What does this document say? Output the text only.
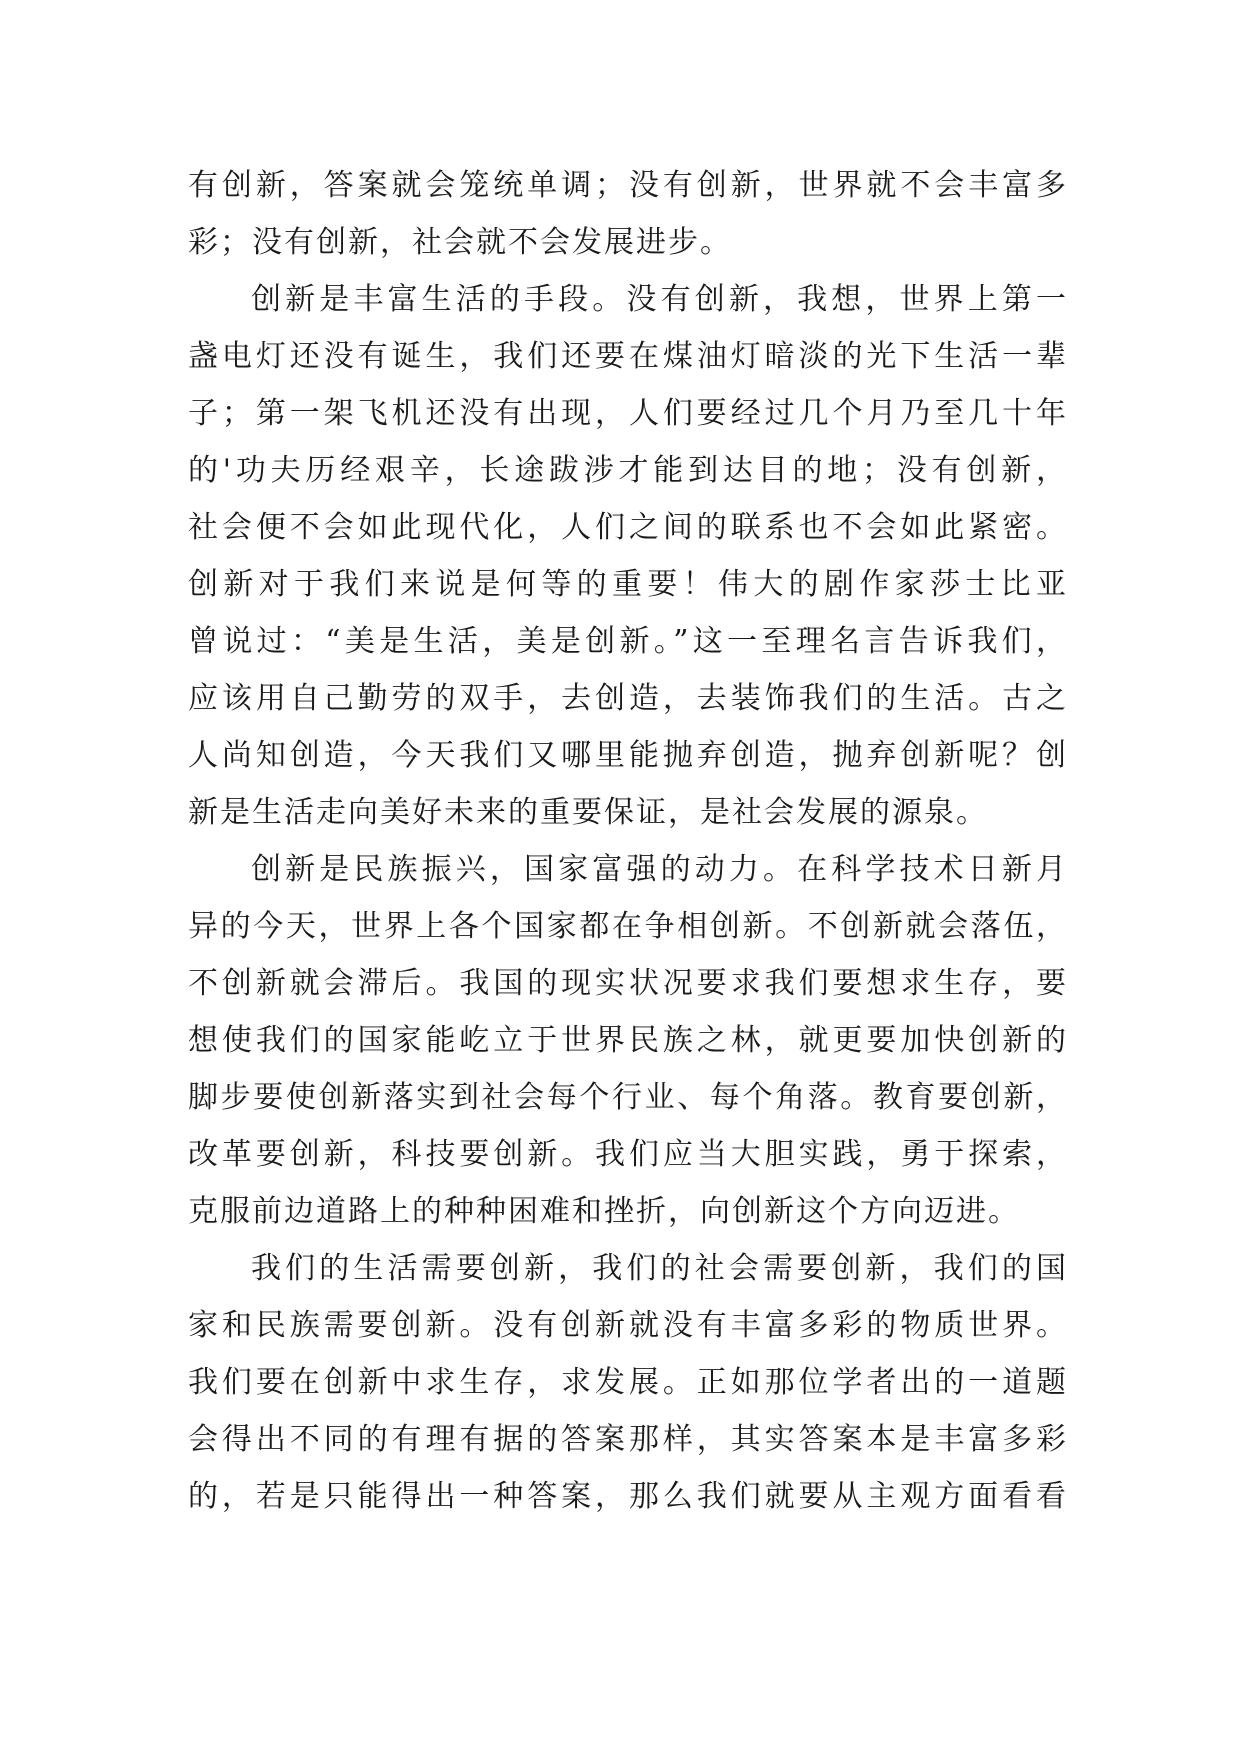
有创新，答案就会笼统单调；没有创新，世界就不会丰富多
彩；没有创新，社会就不会发展进步。
创新是丰富生活的手段。没有创新，我想，世界上第一
盏电灯还没有诞生，我们还要在煤油灯暗淡的光下生活一辈
子；第一架飞机还没有出现，人们要经过几个月乃至几十年
的'功夫历经艰辛，长途跋涉才能到达目的地；没有创新，
社会便不会如此现代化，人们之间的联系也不会如此紧密。
创新对于我们来说是何等的重要！伟大的剧作家莎士比亚
曾说过：“美是生活，美是创新。”这一至理名言告诉我们，
应该用自己勤劳的双手，去创造，去装饰我们的生活。古之
人尚知创造，今天我们又哪里能抛弃创造，抛弃创新呢？创
新是生活走向美好未来的重要保证，是社会发展的源泉。
创新是民族振兴，国家富强的动力。在科学技术日新月
异的今天，世界上各个国家都在争相创新。不创新就会落伍，
不创新就会滞后。我国的现实状况要求我们要想求生存，要
想使我们的国家能屹立于世界民族之林，就更要加快创新的
脚步要使创新落实到社会每个行业、每个角落。教育要创新，
改革要创新，科技要创新。我们应当大胆实践，勇于探索，
克服前边道路上的种种困难和挫折，向创新这个方向迈进。
我们的生活需要创新，我们的社会需要创新，我们的国
家和民族需要创新。没有创新就没有丰富多彩的物质世界。
我们要在创新中求生存，求发展。正如那位学者出的一道题
会得出不同的有理有据的答案那样，其实答案本是丰富多彩
的，若是只能得出一种答案，那么我们就要从主观方面看看
